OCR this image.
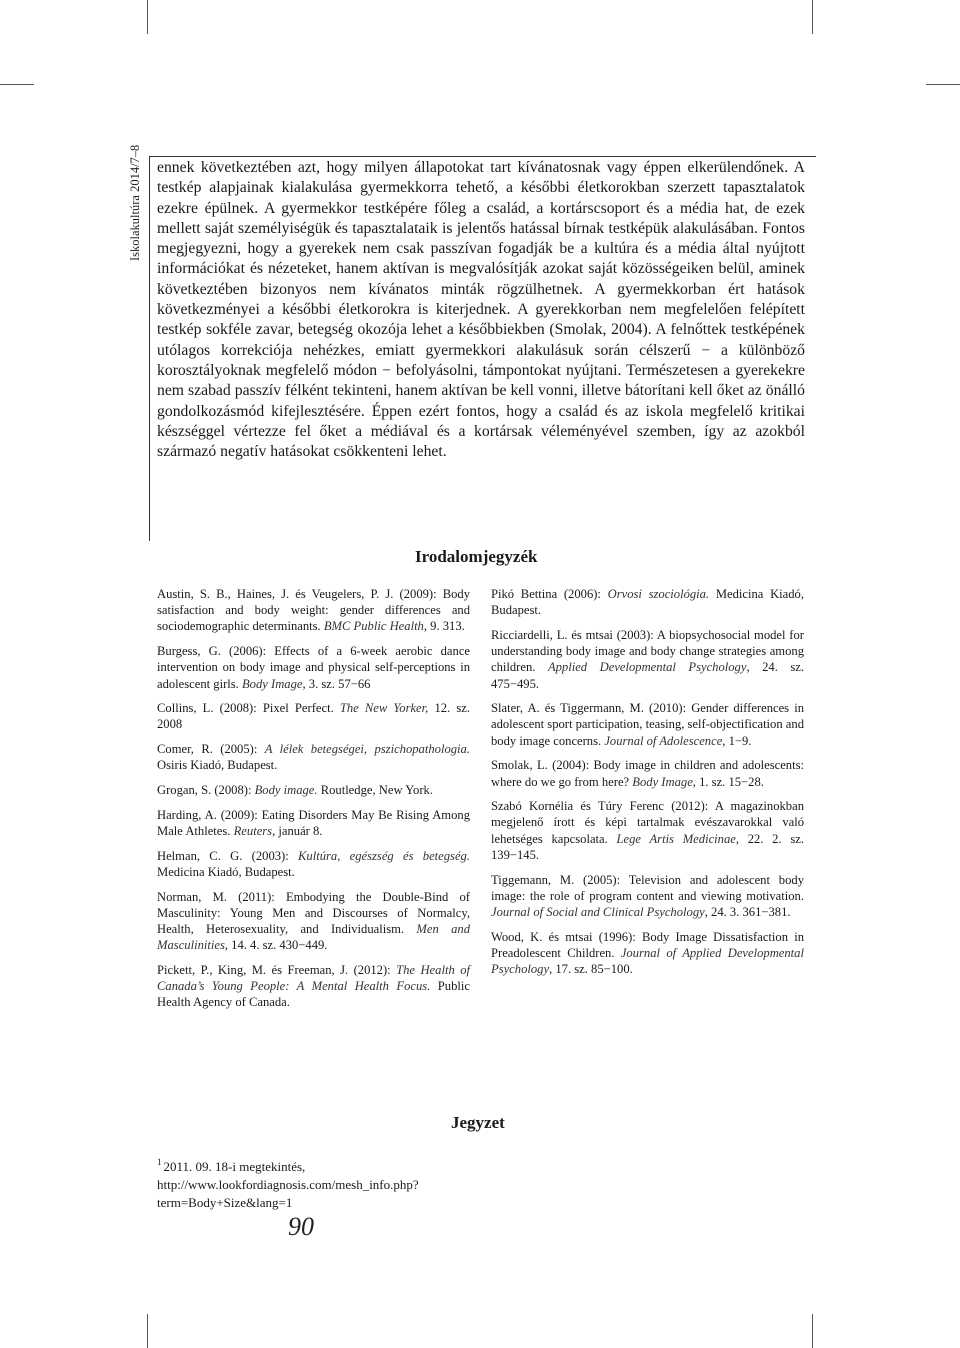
Iskolakultúra 2014/7–8 ennek következtében azt, hogy milyen állapotokat tart kívánatosnak vagy éppen elkerülendőnek. A testkép alapjainak kialakulása gyermekkorra tehető, a későbbi életkorokban szerzett tapasztalatok ezekre épülnek. A gyermekkor testképére főleg a család, a kortárscsoport és a média hat, de ezek mellett saját személyiségük és tapasztalataik is jelentős hatással bírnak testképük alakulásában. Fontos megjegyezni, hogy a gyerekek nem csak passzívan fogadják be a kultúra és a média által nyújtott információkat és nézeteket, hanem aktívan is megvalósítják azokat saját közösségeiken belül, aminek következtében bizonyos nem kívánatos minták rögzülhetnek. A gyermekkorban ért hatások következményei a későbbi életkorokra is kiterjednek. A gyerekkorban nem megfelelően felépített testkép sokféle zavar, betegség okozója lehet a későbbiekben (Smolak, 2004). A felnőttek testképének utólagos korrekciója nehézkes, emiatt gyermekkori alakulásuk során célszerű − a különböző korosztályoknak megfelelő módon − befolyásolni, támpontokat nyújtani. Természetesen a gyerekekre nem szabad passzív félként tekinteni, hanem aktívan be kell vonni, illetve bátorítani kell őket az önálló gondolkozásmód kifejlesztésére. Éppen ezért fontos, hogy a család és az iskola megfelelő kritikai készséggel vértezze fel őket a médiával és a kortársak véleményével szemben, így az azokból származó negatív hatásokat csökkenteni lehet.

Irodalomjegyzék

Austin, S. B., Haines, J. és Veugelers, P. J. (2009): Body satisfaction and body weight: gender differences and sociodemographic determinants. BMC Public Health, 9. 313.

Burgess, G. (2006): Effects of a 6-week aerobic dance intervention on body image and physical self-perceptions in adolescent girls. Body Image, 3. sz. 57−66

Collins, L. (2008): Pixel Perfect. The New Yorker, 12. sz. 2008

Comer, R. (2005): A lélek betegségei, pszichopathologia. Osiris Kiadó, Budapest.

Grogan, S. (2008): Body image. Routledge, New York.

Harding, A. (2009): Eating Disorders May Be Rising Among Male Athletes. Reuters, január 8.

Helman, C. G. (2003): Kultúra, egészség és betegség. Medicina Kiadó, Budapest.

Norman, M. (2011): Embodying the Double-Bind of Masculinity: Young Men and Discourses of Normalcy, Health, Heterosexuality, and Individualism. Men and Masculinities, 14. 4. sz. 430−449.

Pickett, P., King, M. és Freeman, J. (2012): The Health of Canada’s Young People: A Mental Health Focus. Public Health Agency of Canada.

Pikó Bettina (2006): Orvosi szociológia. Medicina Kiadó, Budapest.

Ricciardelli, L. és mtsai (2003): A biopsychosocial model for understanding body image and body change strategies among children. Applied Developmental Psychology, 24. sz. 475−495.

Slater, A. és Tiggermann, M. (2010): Gender differences in adolescent sport participation, teasing, self-objectification and body image concerns. Journal of Adolescence, 1−9.

Smolak, L. (2004): Body image in children and adolescents: where do we go from here? Body Image, 1. sz. 15−28.

Szabó Kornélia és Túry Ferenc (2012): A magazinokban megjelenő írott és képi tartalmak evészavarokkal való lehetséges kapcsolata. Lege Artis Medicinae, 22. 2. sz. 139−145.

Tiggemann, M. (2005): Television and adolescent body image: the role of program content and viewing motivation. Journal of Social and Clinical Psychology, 24. 3. 361−381.

Wood, K. és mtsai (1996): Body Image Dissatisfaction in Preadolescent Children. Journal of Applied Developmental Psychology, 17. sz. 85−100.

Jegyzet

$^1$ 2011. 09. 18-i megtekintés, http://www.lookfordiagnosis.com/mesh_info.php?term=Body+Size&lang=1

90
